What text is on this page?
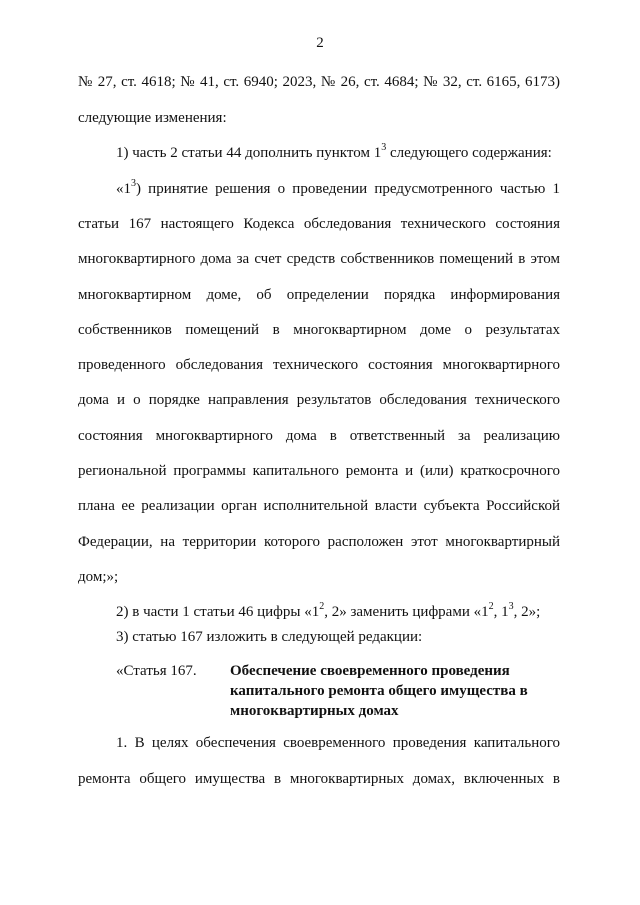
2
№ 27, ст. 4618; № 41, ст. 6940; 2023, № 26, ст. 4684; № 32, ст. 6165, 6173)
следующие изменения:
1) часть 2 статьи 44 дополнить пунктом $1^3$ следующего содержания:
«$1^3$) принятие решения о проведении предусмотренного частью 1
статьи 167 настоящего Кодекса обследования технического состояния
многоквартирного дома за счет средств собственников помещений в этом
многоквартирном доме, об определении порядка информирования
собственников помещений в многоквартирном доме о результатах
проведенного обследования технического состояния многоквартирного
дома и о порядке направления результатов обследования технического
состояния многоквартирного дома в ответственный за реализацию
региональной программы капитального ремонта и (или) краткосрочного
плана ее реализации орган исполнительной власти субъекта Российской
Федерации, на территории которого расположен этот многоквартирный
дом;»;
2) в части 1 статьи 46 цифры «$1^2$, 2» заменить цифрами «$1^2$, $1^3$, 2»;
3) статью 167 изложить в следующей редакции:
«Статья 167. Обеспечение своевременного проведения
капитального ремонта общего имущества в
многоквартирных домах
1. В целях обеспечения своевременного проведения капитального
ремонта общего имущества в многоквартирных домах, включенных в
